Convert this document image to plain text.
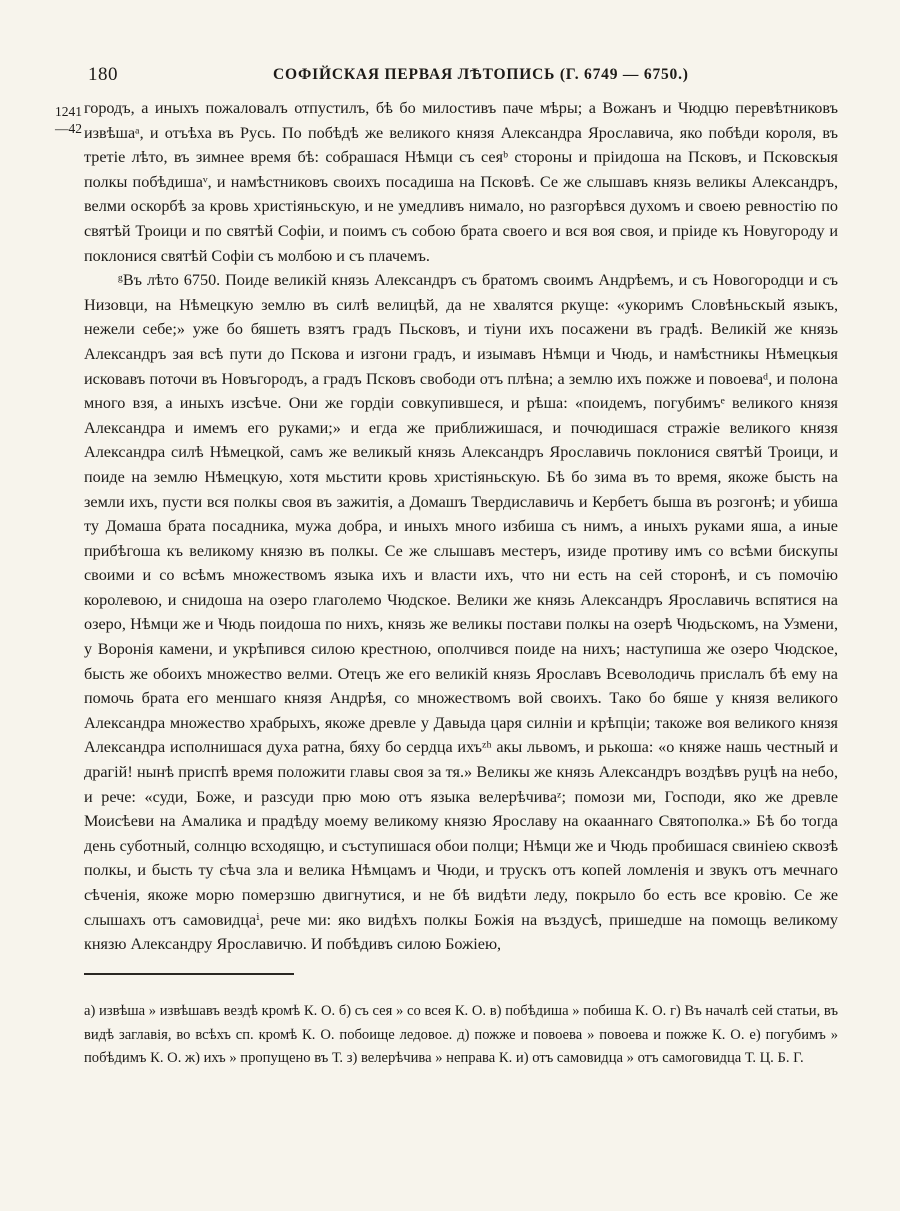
180	СОФІЙСКАЯ ПЕРВАЯ ЛѢТОПИСЬ (Г. 6749 — 6750.)
1241—42

городъ, а иныхъ пожаловалъ отпустилъ, бѣ бо милостивъ паче мѣры; а Вожанъ и Чюдцю перевѣтниковъ извѣшаᵃ, и отъѣха въ Русь. По побѣдѣ же великого князя Александра Ярославича, яко побѣди короля, въ третіе лѣто, въ зимнее время бѣ: собрашася Нѣмци съ сеяᵇ стороны и пріидоша на Псковъ, и Псковскыя полкы побѣдишаᵛ, и намѣстниковъ своихъ посадиша на Псковѣ. Се же слышавъ князь великы Александръ, велми оскорбѣ за кровь христіяньскую, и не умедливъ нимало, но разгорѣвся духомъ и своею ревностію по святѣй Троици и по святѣй Софіи, и поимъ съ собою брата своего и вся воя своя, и пріиде къ Новугороду и поклонися святѣй Софіи съ молбою и съ плачемъ.

ᵍВъ лѣто 6750. Поиде великій князь Александръ съ братомъ своимъ Андрѣемъ, и съ Новогородци и съ Низовци, на Нѣмецкую землю въ силѣ велицѣй, да не хвалятся ркуще: «укоримъ Словѣньскый языкъ, нежели себе;» уже бо бяшеть взятъ градъ Пьсковъ, и тіуни ихъ посажени въ градѣ. Великій же князь Александръ зая всѣ пути до Пскова и изгони градъ, и изымавъ Нѣмци и Чюдь, и намѣстникы Нѣмецкыя исковавъ поточи въ Новъгородъ, а градъ Псковъ свободи отъ плѣна; а землю ихъ пожже и повоеваᵈ, и полона много взя, а иныхъ изсѣче. Они же гордіи совкупившеся, и рѣша: «поидемъ, погубимъᵉ великого князя Александра и имемъ его руками;» и егда же приближишася, и почюдишася стражіе великого князя Александра силѣ Нѣмецкой, самъ же великый князь Александръ Ярославичь поклонися святѣй Троици, и поиде на землю Нѣмецкую, хотя мьстити кровь христіяньскую. Бѣ бо зима въ то время, якоже бысть на земли ихъ, пусти вся полкы своя въ зажитія, а Домашъ Твердиславичь и Кербетъ быша въ розгонѣ; и убиша ту Домаша брата посадника, мужа добра, и иныхъ много избиша съ нимъ, а иныхъ руками яша, а иные прибѣгоша къ великому князю въ полкы. Се же слышавъ местеръ, изиде противу имъ со всѣми бискупы своими и со всѣмъ множествомъ языка ихъ и власти ихъ, что ни есть на сей сторонѣ, и съ помочію королевою, и снидоша на озеро глаголемо Чюдское. Велики же князь Александръ Ярославичь вспятися на озеро, Нѣмци же и Чюдь поидоша по нихъ, князь же великы постави полкы на озерѣ Чюдьскомъ, на Узмени, у Воронія камени, и укрѣпився силою крестною, ополчився поиде на нихъ; наступиша же озеро Чюдское, бысть же обоихъ множество велми. Отецъ же его великій князь Ярославъ Всеволодичь прислалъ бѣ ему на помочь брата его меншаго князя Андрѣя, со множествомъ вой своихъ. Тако бо бяше у князя великого Александра множество храбрыхъ, якоже древле у Давыда царя силніи и крѣпціи; такоже воя великого князя Александра исполнишася духа ратна, бяху бо сердца ихъᶻʰ акы львомъ, и рькоша: «о княже нашь честный и драгій! нынѣ приспѣ время положити главы своя за тя.» Великы же князь Александръ воздѣвъ руцѣ на небо, и рече: «суди, Боже, и разсуди прю мою отъ языка велерѣчиваᶻ; помози ми, Господи, яко же древле Моисѣеви на Амалика и прадѣду моему великому князю Ярославу на окааннаго Святополка.» Бѣ бо тогда день суботный, солнцю всходящю, и съступишася обои полци; Нѣмци же и Чюдь пробишася свиніею сквозѣ полкы, и бысть ту сѣча зла и велика Нѣмцамъ и Чюди, и трускъ отъ копей ломленія и звукъ отъ мечнаго сѣченія, якоже морю померзшю двигнутися, и не бѣ видѣти леду, покрыло бо есть все кровію. Се же слышахъ отъ самовидцаⁱ, рече ми: яко видѣхъ полкы Божія на въздусѣ, пришедше на помощь великому князю Александру Ярославичю. И побѣдивъ силою Божіею,

а) извѣша » извѣшавъ вездѣ кромѣ К. О. б) съ сея » со всея К. О. в) побѣдиша » побиша К. О. г) Въ началѣ сей статьи, въ видѣ заглавія, во всѣхъ сп. кромѣ К. О. побоище ледовое. д) пожже и повоева » повоева и пожже К. О. е) погубимъ » побѣдимъ К. О. ж) ихъ » пропущено въ Т. з) велерѣчива » неправа К. и) отъ самовидца » отъ самоговидца Т. Ц. Б. Г.
